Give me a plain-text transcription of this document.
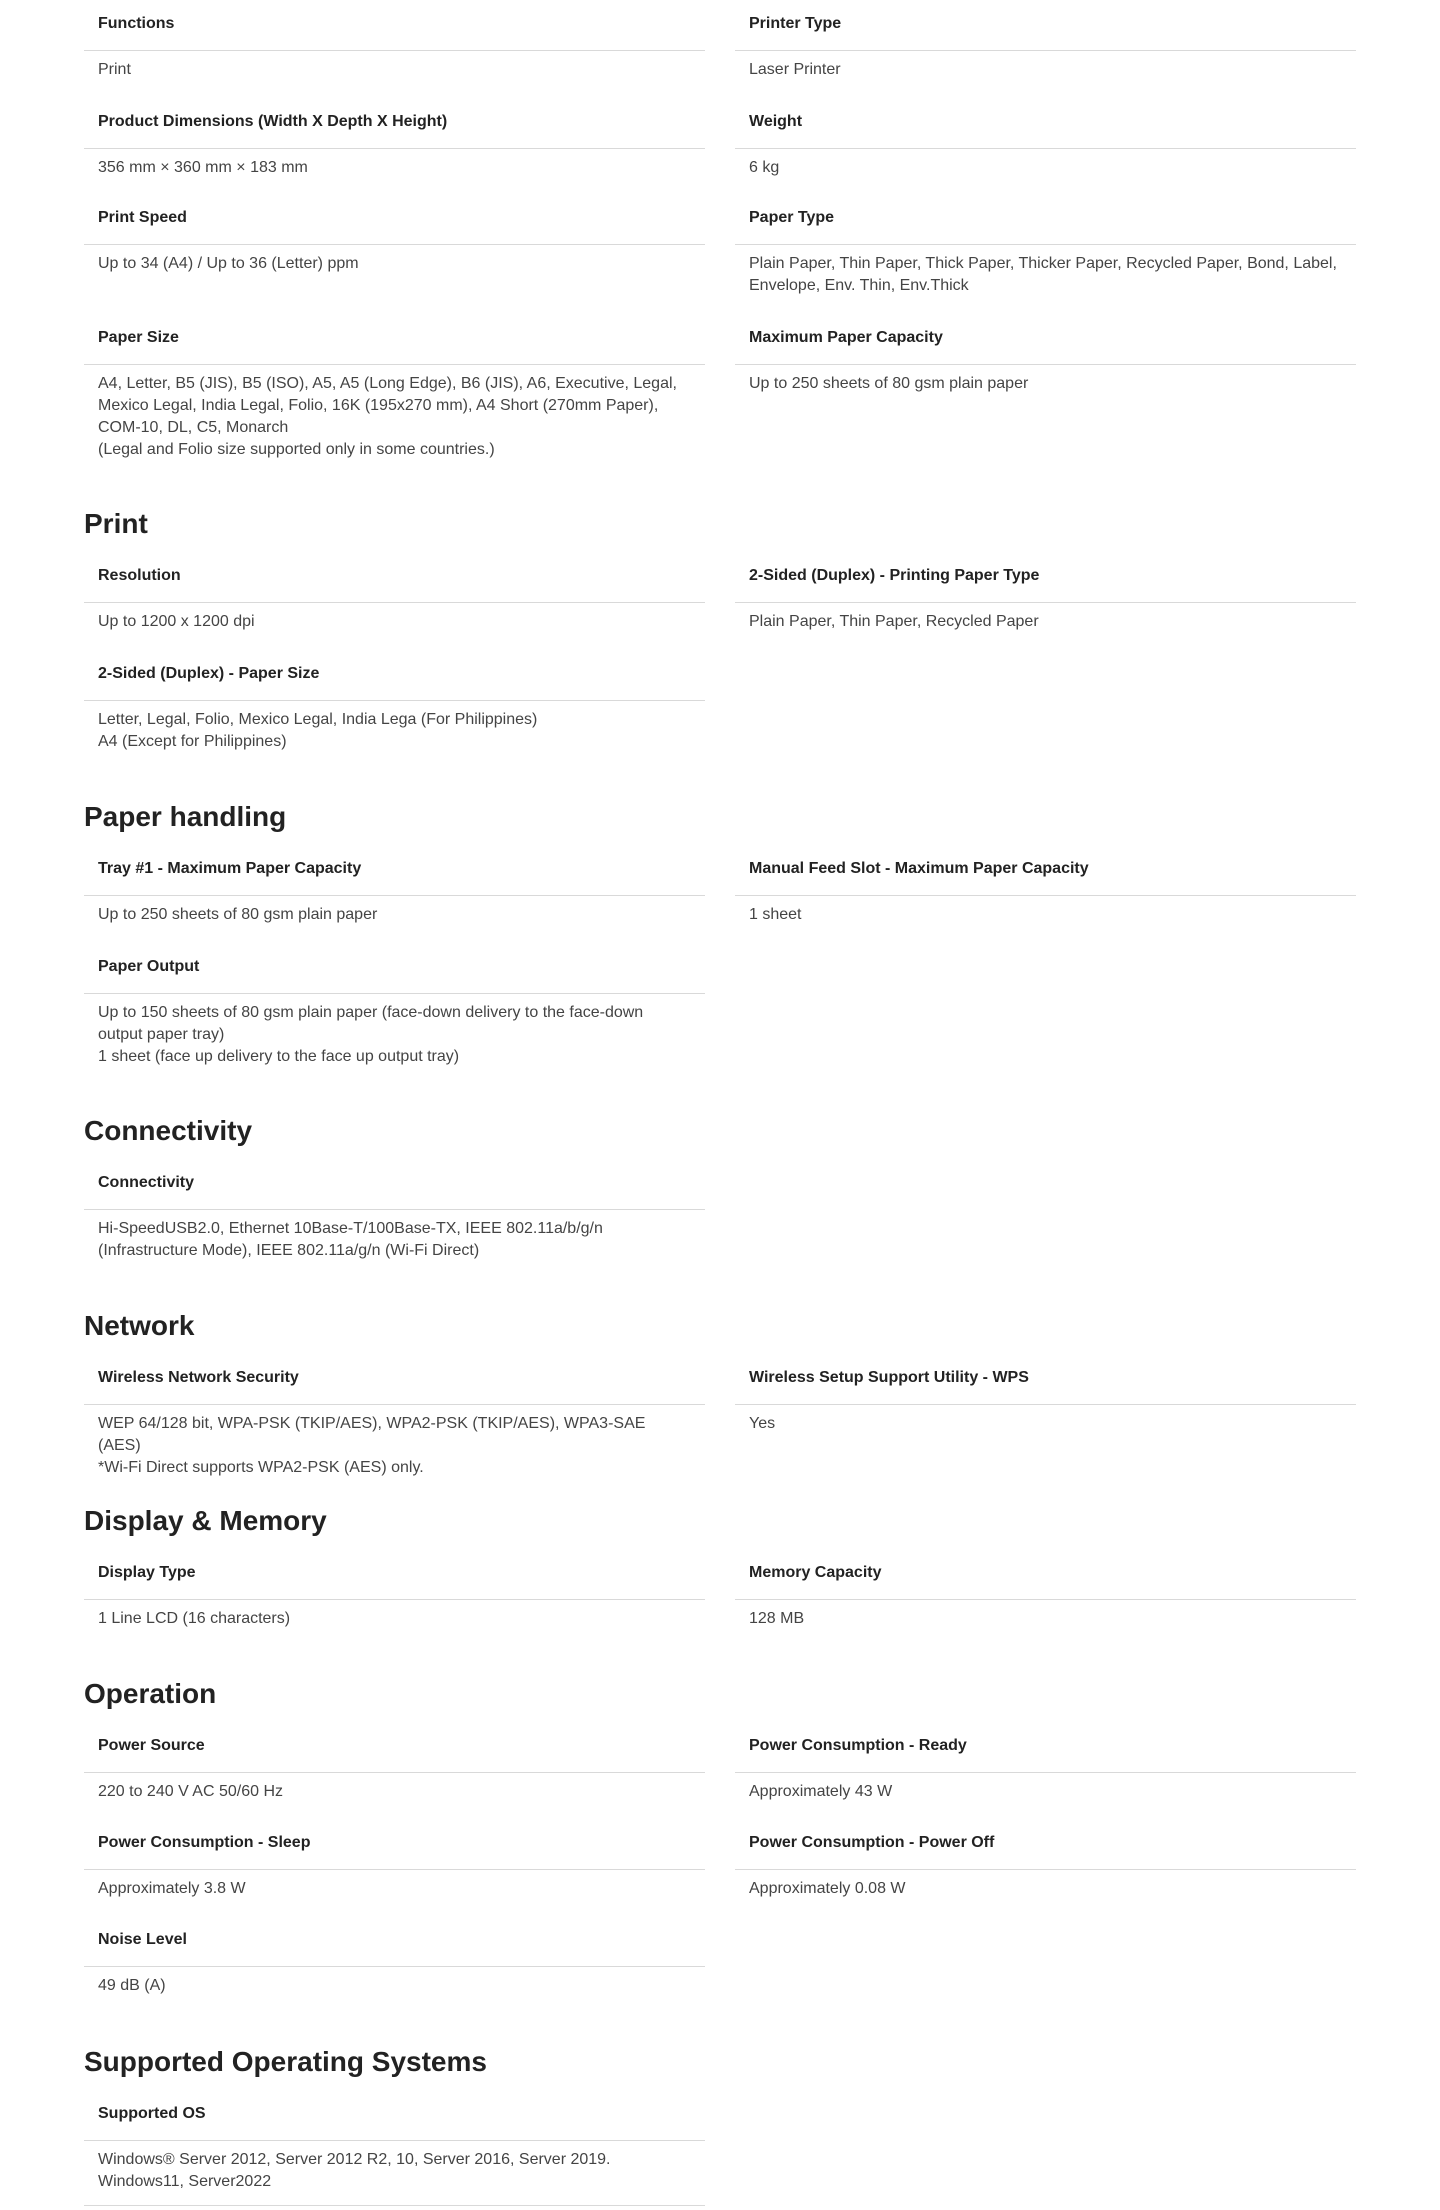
Functions
Print
Printer Type
Laser Printer
Product Dimensions (Width X Depth X Height)
356 mm × 360 mm × 183 mm
Weight
6 kg
Print Speed
Up to 34 (A4) / Up to 36 (Letter) ppm
Paper Type
Plain Paper, Thin Paper, Thick Paper, Thicker Paper, Recycled Paper, Bond, Label, Envelope, Env. Thin, Env.Thick
Paper Size
A4, Letter, B5 (JIS), B5 (ISO), A5, A5 (Long Edge), B6 (JIS), A6, Executive, Legal, Mexico Legal, India Legal, Folio, 16K (195x270 mm), A4 Short (270mm Paper), COM-10, DL, C5, Monarch
(Legal and Folio size supported only in some countries.)
Maximum Paper Capacity
Up to 250 sheets of 80 gsm plain paper
Print
Resolution
Up to 1200 x 1200 dpi
2-Sided (Duplex) - Printing Paper Type
Plain Paper, Thin Paper, Recycled Paper
2-Sided (Duplex) - Paper Size
Letter, Legal, Folio, Mexico Legal, India Lega (For Philippines)
A4 (Except for Philippines)
Paper handling
Tray #1 - Maximum Paper Capacity
Up to 250 sheets of 80 gsm plain paper
Manual Feed Slot - Maximum Paper Capacity
1 sheet
Paper Output
Up to 150 sheets of 80 gsm plain paper (face-down delivery to the face-down output paper tray)
1 sheet (face up delivery to the face up output tray)
Connectivity
Connectivity
Hi-SpeedUSB2.0, Ethernet 10Base-T/100Base-TX, IEEE 802.11a/b/g/n (Infrastructure Mode), IEEE 802.11a/g/n (Wi-Fi Direct)
Network
Wireless Network Security
WEP 64/128 bit, WPA-PSK (TKIP/AES), WPA2-PSK (TKIP/AES), WPA3-SAE (AES)
*Wi-Fi Direct supports WPA2-PSK (AES) only.
Wireless Setup Support Utility - WPS
Yes
Display & Memory
Display Type
1 Line LCD (16 characters)
Memory Capacity
128 MB
Operation
Power Source
220 to 240 V AC 50/60 Hz
Power Consumption - Ready
Approximately 43 W
Power Consumption - Sleep
Approximately 3.8 W
Power Consumption - Power Off
Approximately 0.08 W
Noise Level
49 dB (A)
Supported Operating Systems
Supported OS
Windows® Server 2012, Server 2012 R2, 10, Server 2016, Server 2019. Windows11, Server2022
